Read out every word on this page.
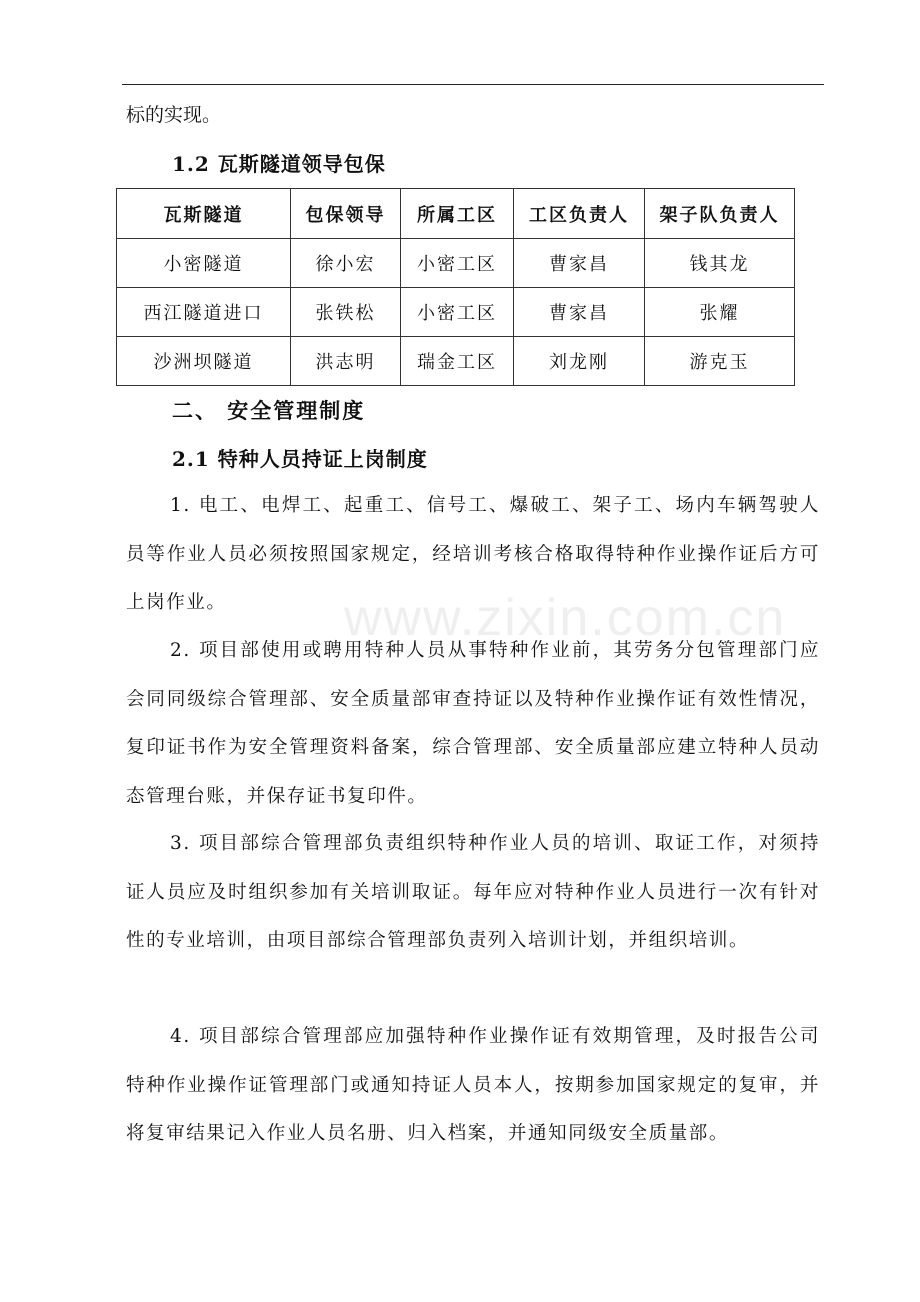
标的实现。

1.2 瓦斯隧道领导包保
瓦斯隧道	包保领导	所属工区	工区负责人	架子队负责人
小密隧道	徐小宏	小密工区	曹家昌	钱其龙
西江隧道进口	张铁松	小密工区	曹家昌	张耀
沙洲坝隧道	洪志明	瑞金工区	刘龙刚	游克玉
二、 安全管理制度
2.1 特种人员持证上岗制度
www.zixin.com.cn

1. 电工、电焊工、起重工、信号工、爆破工、架子工、场内车辆驾驶人员等作业人员必须按照国家规定，经培训考核合格取得特种作业操作证后方可上岗作业。

2. 项目部使用或聘用特种人员从事特种作业前，其劳务分包管理部门应会同同级综合管理部、安全质量部审查持证以及特种作业操作证有效性情况，复印证书作为安全管理资料备案，综合管理部、安全质量部应建立特种人员动态管理台账，并保存证书复印件。

3. 项目部综合管理部负责组织特种作业人员的培训、取证工作，对须持证人员应及时组织参加有关培训取证。每年应对特种作业人员进行一次有针对性的专业培训，由项目部综合管理部负责列入培训计划，并组织培训。

4. 项目部综合管理部应加强特种作业操作证有效期管理，及时报告公司特种作业操作证管理部门或通知持证人员本人，按期参加国家规定的复审，并将复审结果记入作业人员名册、归入档案，并通知同级安全质量部。
